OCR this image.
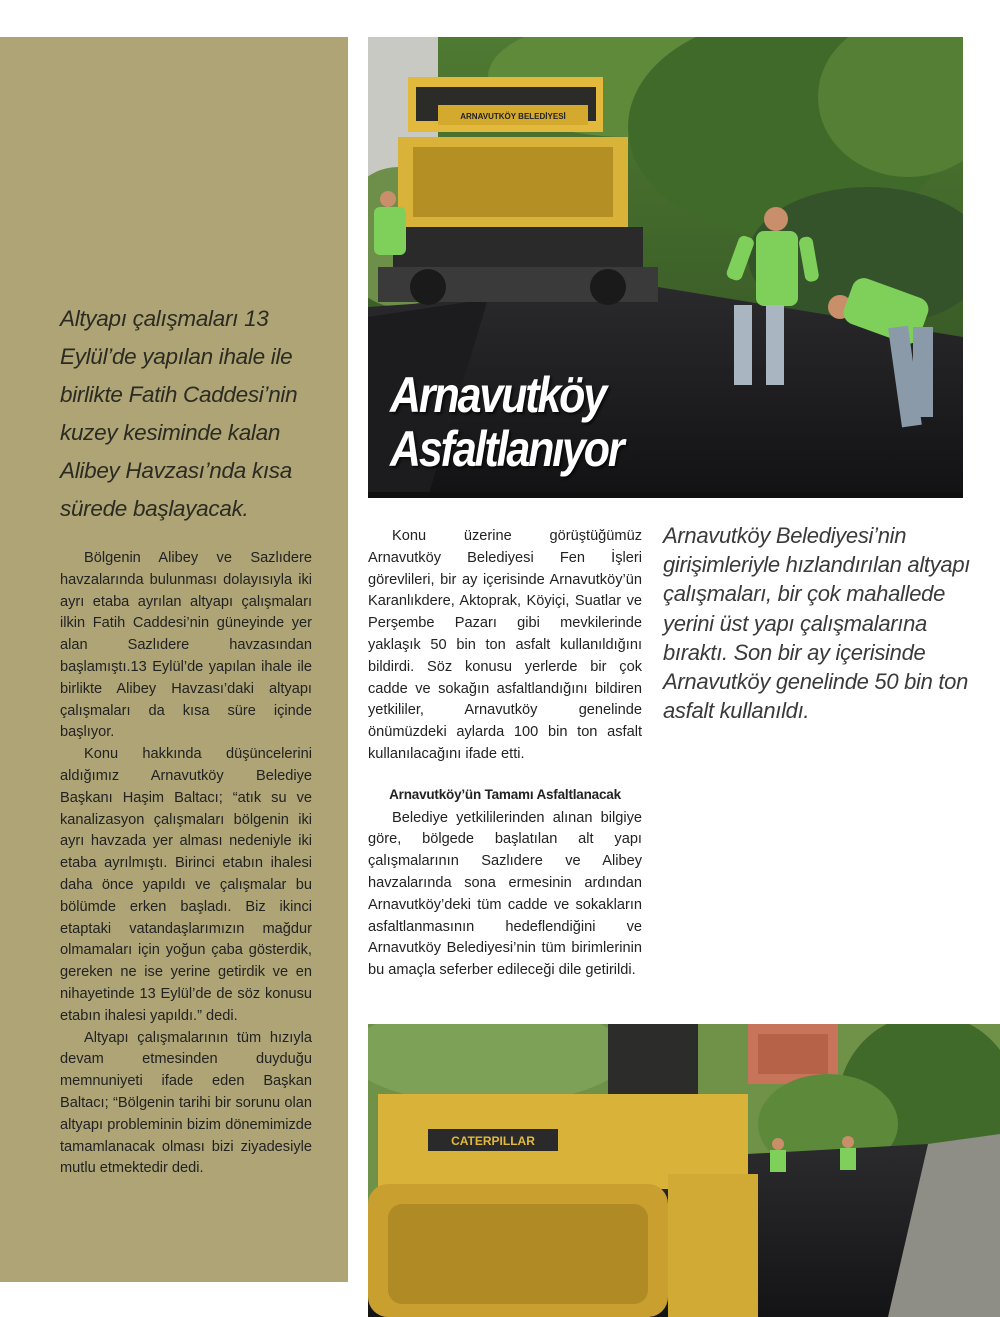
Altyapı çalışmaları 13 Eylül’de yapılan ihale ile birlikte Fatih Caddesi’nin kuzey kesiminde kalan Alibey Havzası’nda kısa sürede başlayacak.

Bölgenin Alibey ve Sazlıdere havzalarında bulunması dolayısıyla iki ayrı etaba ayrılan altyapı çalışmaları ilkin Fatih Caddesi’nin güneyinde yer alan Sazlıdere havzasından başlamıştı.13 Eylül’de yapılan ihale ile birlikte Alibey Havzası’daki altyapı çalışmaları da kısa süre içinde başlıyor.

Konu hakkında düşüncelerini aldığımız Arnavutköy Belediye Başkanı Haşim Baltacı; “atık su ve kanalizasyon çalışmaları bölgenin iki ayrı havzada yer alması nedeniyle iki etaba ayrılmıştı. Birinci etabın ihalesi daha önce yapıldı ve çalışmalar bu bölümde erken başladı. Biz ikinci etaptaki vatandaşlarımızın mağdur olmamaları için yoğun çaba gösterdik, gereken ne ise yerine getirdik ve en nihayetinde 13 Eylül’de de söz konusu etabın ihalesi yapıldı.” dedi.

Altyapı çalışmalarının tüm hızıyla devam etmesinden duyduğu memnuniyeti ifade eden Başkan Baltacı; “Bölgenin tarihi bir sorunu olan altyapı probleminin bizim dönemimizde tamamlanacak olması bizi ziyadesiyle mutlu etmektedir dedi.

ARNAVUTKÖY BELEDİYESİ
Arnavutköy
Asfaltlanıyor

Konu üzerine görüştüğümüz Arnavutköy Belediyesi Fen İşleri görevlileri, bir ay içerisinde Arnavutköy’ün Karanlıkdere, Aktoprak, Köyiçi, Suatlar ve Perşembe Pazarı gibi mevkilerinde yaklaşık 50 bin ton asfalt kullanıldığını bildirdi. Söz konusu yerlerde bir çok cadde ve sokağın asfaltlandığını bildiren yetkililer, Arnavutköy genelinde önümüzdeki aylarda 100 bin ton asfalt kullanılacağını ifade etti.

Arnavutköy’ün Tamamı Asfaltlanacak

Belediye yetkililerinden alınan bilgiye göre, bölgede başlatılan alt yapı çalışmalarının Sazlıdere ve Alibey havzalarında sona ermesinin ardından Arnavutköy’deki tüm cadde ve sokakların asfaltlanmasının hedeflendiğini ve Arnavutköy Belediyesi’nin tüm birimlerinin bu amaçla seferber edileceği dile getirildi.

Arnavutköy Belediyesi’nin girişimleriyle hızlandırılan altyapı çalışmaları, bir çok mahallede yerini üst yapı çalışmalarına bıraktı. Son bir ay içerisinde Arnavutköy genelinde 50 bin ton asfalt kullanıldı.
CATERPILLAR
